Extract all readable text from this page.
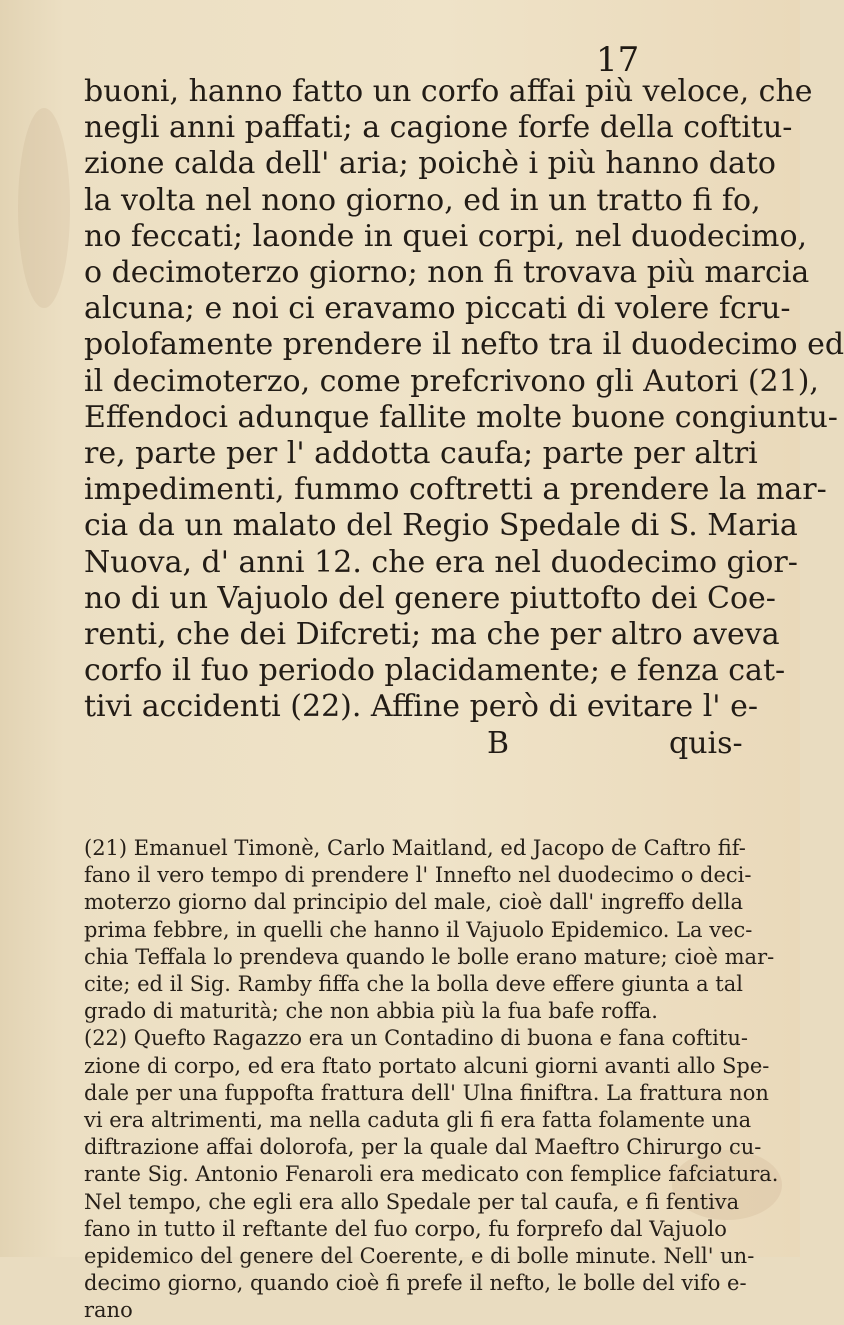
17
buoni, hanno fatto un corfo affai più veloce, che
negli anni paffati; a cagione forfe della coftitu-
zione calda dell' aria; poichè i più hanno dato
la volta nel nono giorno, ed in un tratto fi fo,
no feccati; laonde in quei corpi, nel duodecimo,
o decimoterzo giorno; non fi trovava più marcia
alcuna; e noi ci eravamo piccati di volere fcru-
polofamente prendere il nefto tra il duodecimo ed
il decimoterzo, come prefcrivono gli Autori (21),
Effendoci adunque fallite molte buone congiuntu-
re, parte per l' addotta caufa; parte per altri
impedimenti, fummo coftretti a prendere la mar-
cia da un malato del Regio Spedale di S. Maria
Nuova, d' anni 12. che era nel duodecimo gior-
no di un Vajuolo del genere piuttofto dei Coe-
renti, che dei Difcreti; ma che per altro aveva
corfo il fuo periodo placidamente; e fenza cat-
tivi accidenti (22). Affine però di evitare l' e-
B	quis-
(21) Emanuel Timonè, Carlo Maitland, ed Jacopo de Caftro fif-
fano il vero tempo di prendere l' Innefto nel duodecimo o deci-
moterzo giorno dal principio del male, cioè dall' ingreffo della
prima febbre, in quelli che hanno il Vajuolo Epidemico. La vec-
chia Teffala lo prendeva quando le bolle erano mature; cioè mar-
cite; ed il Sig. Ramby fiffa che la bolla deve effere giunta a tal
grado di maturità; che non abbia più la fua bafe roffa.
(22) Quefto Ragazzo era un Contadino di buona e fana coftitu-
zione di corpo, ed era ftato portato alcuni giorni avanti allo Spe-
dale per una fuppofta frattura dell' Ulna finiftra. La frattura non
vi era altrimenti, ma nella caduta gli fi era fatta folamente una
diftrazione affai dolorofa, per la quale dal Maeftro Chirurgo cu-
rante Sig. Antonio Fenaroli era medicato con femplice fafciatura.
Nel tempo, che egli era allo Spedale per tal caufa, e fi fentiva
fano in tutto il reftante del fuo corpo, fu forprefo dal Vajuolo
epidemico del genere del Coerente, e di bolle minute. Nell' un-
decimo giorno, quando cioè fi prefe il nefto, le bolle del vifo e-
rano
